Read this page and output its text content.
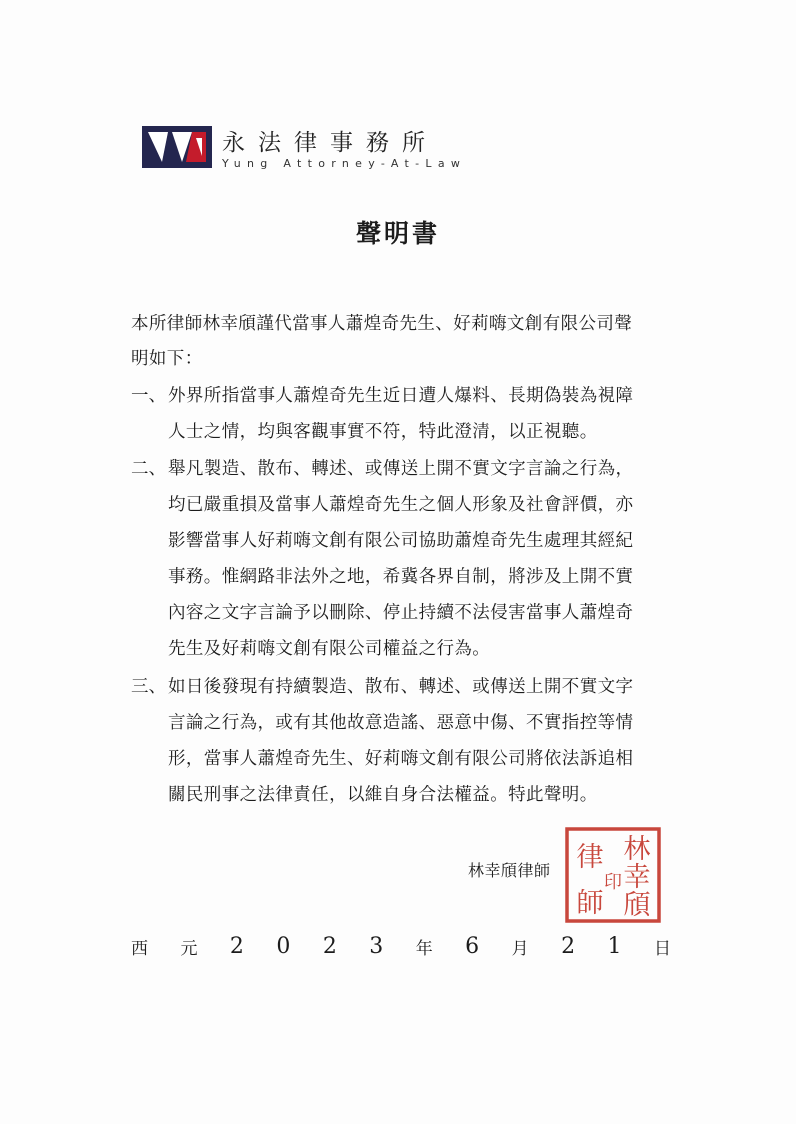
永法律事務所
Yung Attorney-At-Law
聲明書
本所律師林幸頎謹代當事人蕭煌奇先生、好莉嗨文創有限公司聲
明如下：
一、 外界所指當事人蕭煌奇先生近日遭人爆料、長期偽裝為視障
人士之情，均與客觀事實不符，特此澄清，以正視聽。
二、 舉凡製造、散布、轉述、或傳送上開不實文字言論之行為，
均已嚴重損及當事人蕭煌奇先生之個人形象及社會評價，亦
影響當事人好莉嗨文創有限公司協助蕭煌奇先生處理其經紀
事務。惟網路非法外之地，希冀各界自制，將涉及上開不實
內容之文字言論予以刪除、停止持續不法侵害當事人蕭煌奇
先生及好莉嗨文創有限公司權益之行為。
三、 如日後發現有持續製造、散布、轉述、或傳送上開不實文字
言論之行為，或有其他故意造謠、惡意中傷、不實指控等情
形，當事人蕭煌奇先生、好莉嗨文創有限公司將依法訴追相
關民刑事之法律責任，以維自身合法權益。特此聲明。
林幸頎律師
林
幸
頎
律
師
印
西 元 2 0 2 3 年 6 月 2 1 日
